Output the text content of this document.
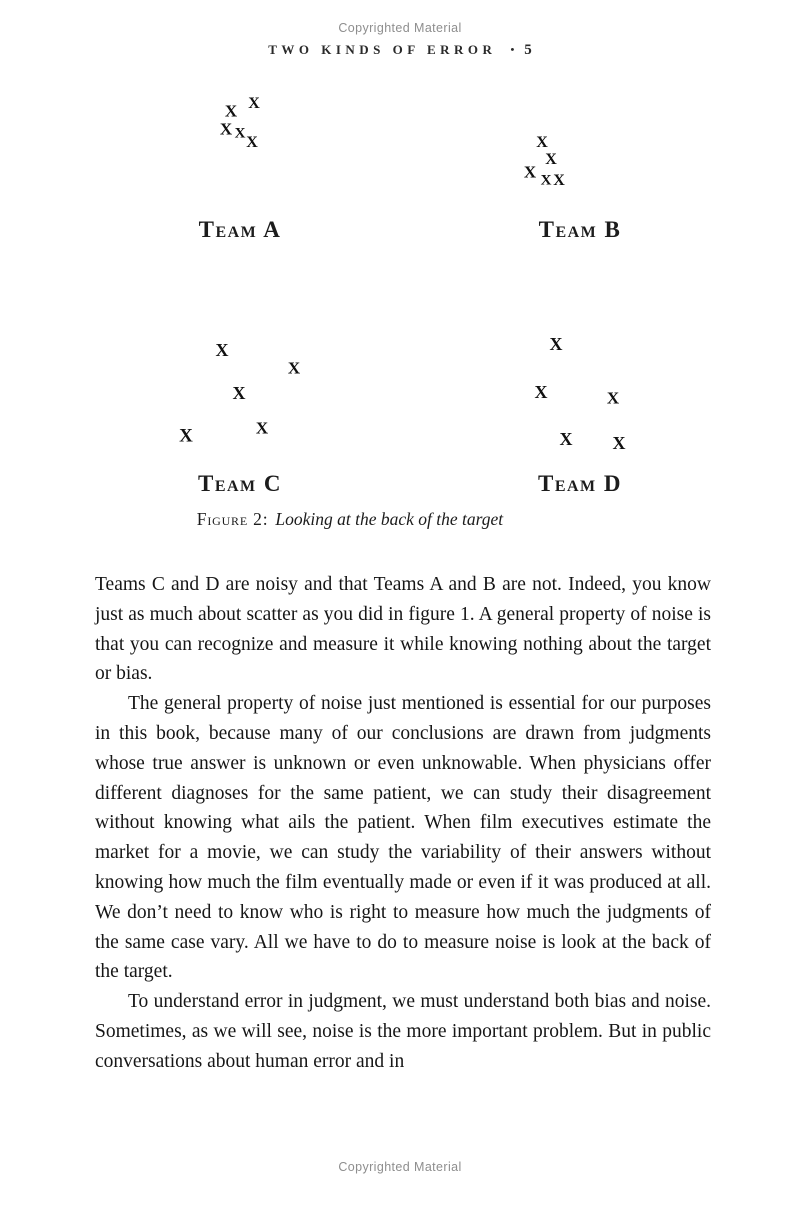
Copyrighted Material
TWO KINDS OF ERROR • 5
Team A	Team B
Team C	Team D
X
X
X X
X	X
X
X X X
X
X
X
X	X
X
X	X
X X
Figure 2: Looking at the back of the target

Teams C and D are noisy and that Teams A and B are not. Indeed, you know just as much about scatter as you did in figure 1. A general property of noise is that you can recognize and measure it while knowing nothing about the target or bias.

The general property of noise just mentioned is essential for our purposes in this book, because many of our conclusions are drawn from judgments whose true answer is unknown or even unknowable. When physicians offer different diagnoses for the same patient, we can study their disagreement without knowing what ails the patient. When film executives estimate the market for a movie, we can study the variability of their answers without knowing how much the film eventually made or even if it was produced at all. We don’t need to know who is right to measure how much the judgments of the same case vary. All we have to do to measure noise is look at the back of the target.

To understand error in judgment, we must understand both bias and noise. Sometimes, as we will see, noise is the more important problem. But in public conversations about human error and in

Copyrighted Material
